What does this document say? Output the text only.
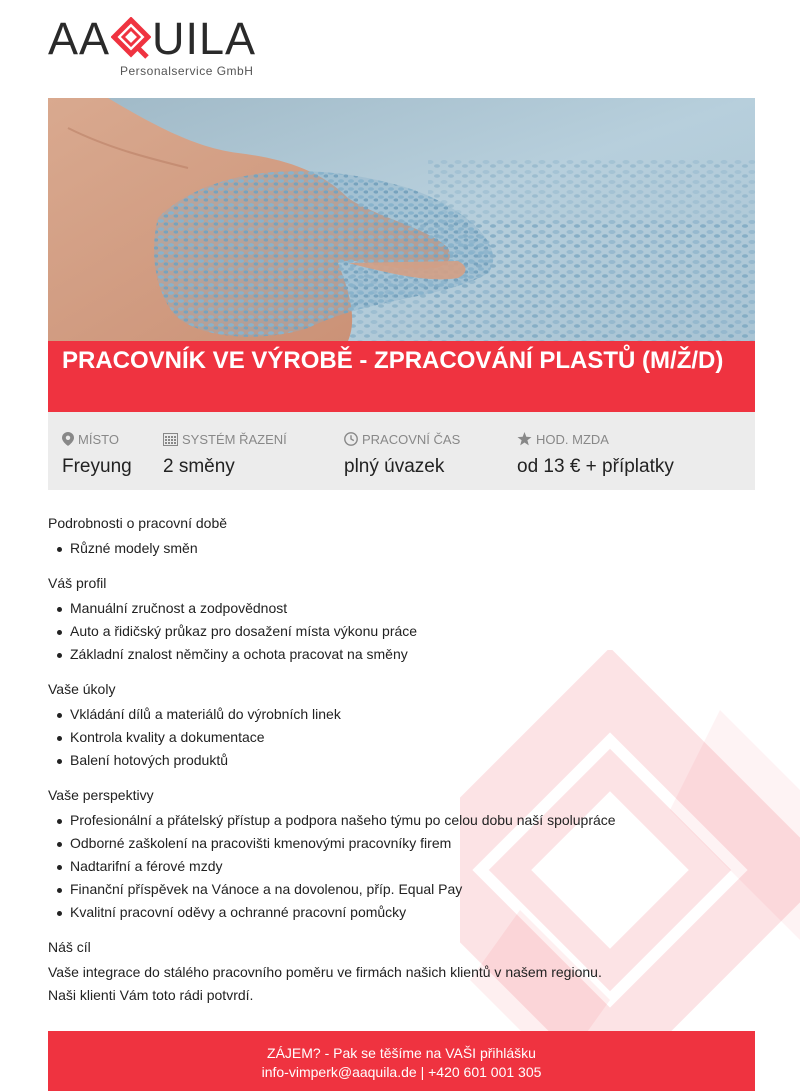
AA UILA
Personalservice GmbH
PRACOVNÍK VE VÝROBĚ - ZPRACOVÁNÍ PLASTŮ (M/Ž/D)
MÍSTO
Freyung
SYSTÉM ŘAZENÍ
2 směny
PRACOVNÍ ČAS
plný úvazek
HOD. MZDA
od 13 € + příplatky
Podrobnosti o pracovní době
Různé modely směn
Váš profil
Manuální zručnost a zodpovědnost
Auto a řidičský průkaz pro dosažení místa výkonu práce
Základní znalost němčiny a ochota pracovat na směny
Vaše úkoly
Vkládání dílů a materiálů do výrobních linek
Kontrola kvality a dokumentace
Balení hotových produktů
Vaše perspektivy
Profesionální a přátelský přístup a podpora našeho týmu po celou dobu naší spolupráce
Odborné zaškolení na pracovišti kmenovými pracovníky firem
Nadtarifní a férové mzdy
Finanční příspěvek na Vánoce a na dovolenou, příp. Equal Pay
Kvalitní pracovní oděvy a ochranné pracovní pomůcky
Náš cíl

Vaše integrace do stálého pracovního poměru ve firmách našich klientů v našem regionu.

Naši klienti Vám toto rádi potvrdí.

ZÁJEM? - Pak se těšíme na VAŠI přihlášku
info-vimperk@aaquila.de | +420 601 001 305
